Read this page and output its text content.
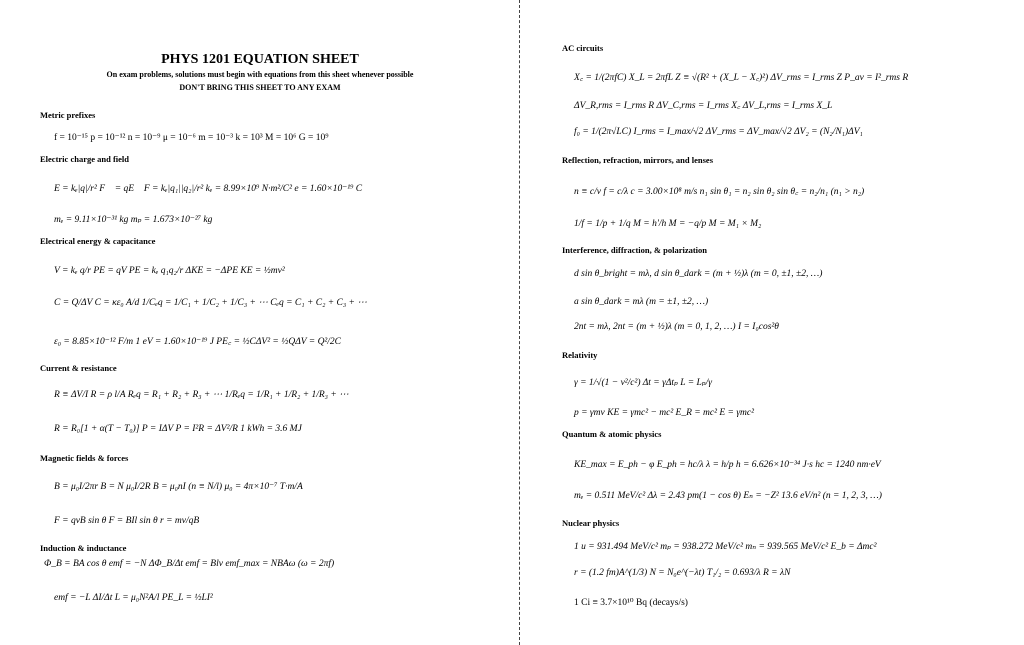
PHYS 1201 EQUATION SHEET
On exam problems, solutions must begin with equations from this sheet whenever possible
DON'T BRING THIS SHEET TO ANY EXAM
Metric prefixes
f = 10⁻¹⁵ p = 10⁻¹² n = 10⁻⁹ μ = 10⁻⁶ m = 10⁻³ k = 10³ M = 10⁶ G = 10⁹
Electric charge and field
E = kₑ|q|/r² F⃗ = qE⃗ F = kₑ|q₁||q₂|/r² kₑ = 8.99×10⁹ N·m²/C² e = 1.60×10⁻¹⁹ C
mₑ = 9.11×10⁻³¹ kg mₚ = 1.673×10⁻²⁷ kg
Electrical energy & capacitance
V = kₑ q/r PE = qV PE = kₑ q₁q₂/r ΔKE = −ΔPE KE = ½mv²
C = Q/ΔV C = κε₀ A/d 1/Cₑq = 1/C₁ + 1/C₂ + 1/C₃ + ⋯ Cₑq = C₁ + C₂ + C₃ + ⋯
ε₀ = 8.85×10⁻¹² F/m 1 eV = 1.60×10⁻¹⁹ J PE꜀ = ½CΔV² = ½QΔV = Q²/2C
Current & resistance
R ≡ ΔV/I R = ρ l/A Rₑq = R₁ + R₂ + R₃ + ⋯ 1/Rₑq = 1/R₁ + 1/R₂ + 1/R₃ + ⋯
R = R₀[1 + α(T − T₀)] P = IΔV P = I²R = ΔV²/R 1 kWh = 3.6 MJ
Magnetic fields & forces
B = μ₀I/2πr B = N μ₀I/2R B = μ₀nI (n ≡ N/l) μ₀ = 4π×10⁻⁷ T·m/A
F = qvB sin θ F = BIl sin θ r = mv/qB
Induction & inductance
Φ_B = BA cos θ emf = −N ΔΦ_B/Δt emf = Blv emf_max = NBAω (ω = 2πf)
emf = −L ΔI/Δt L = μ₀N²A/l PE_L = ½LI²
AC circuits
X꜀ = 1/(2πfC) X_L = 2πfL Z ≡ √(R² + (X_L − X꜀)²) ΔV_rms = I_rms Z P_av = I²_rms R
ΔV_R,rms = I_rms R ΔV_C,rms = I_rms X꜀ ΔV_L,rms = I_rms X_L
f₀ = 1/(2π√LC) I_rms = I_max/√2 ΔV_rms = ΔV_max/√2 ΔV₂ = (N₂/N₁)ΔV₁
Reflection, refraction, mirrors, and lenses
n ≡ c/v f = c/λ c = 3.00×10⁸ m/s n₁ sin θ₁ = n₂ sin θ₂ sin θ꜀ = n₂/n₁ (n₁ > n₂)
1/f = 1/p + 1/q M = h′/h M = −q/p M = M₁ × M₂
Interference, diffraction, & polarization
d sin θ_bright = mλ, d sin θ_dark = (m + ½)λ (m = 0, ±1, ±2, …)
a sin θ_dark = mλ (m = ±1, ±2, …)
2nt = mλ, 2nt = (m + ½)λ (m = 0, 1, 2, …) I = I₀cos²θ
Relativity
γ = 1/√(1 − v²/c²) Δt = γΔtₚ L = Lₚ/γ
p = γmv KE = γmc² − mc² E_R = mc² E = γmc²
Quantum & atomic physics
KE_max = E_ph − φ E_ph = hc/λ λ = h/p h = 6.626×10⁻³⁴ J·s hc = 1240 nm·eV
mₑ = 0.511 MeV/c² Δλ = 2.43 pm(1 − cos θ) Eₙ = −Z² 13.6 eV/n² (n = 1, 2, 3, …)
Nuclear physics
1 u = 931.494 MeV/c² mₚ = 938.272 MeV/c² mₙ = 939.565 MeV/c² E_b = Δmc²
r = (1.2 fm)A^(1/3) N = N₀e^(−λt) T₁/₂ = 0.693/λ R = λN
1 Ci ≡ 3.7×10¹⁰ Bq (decays/s)
